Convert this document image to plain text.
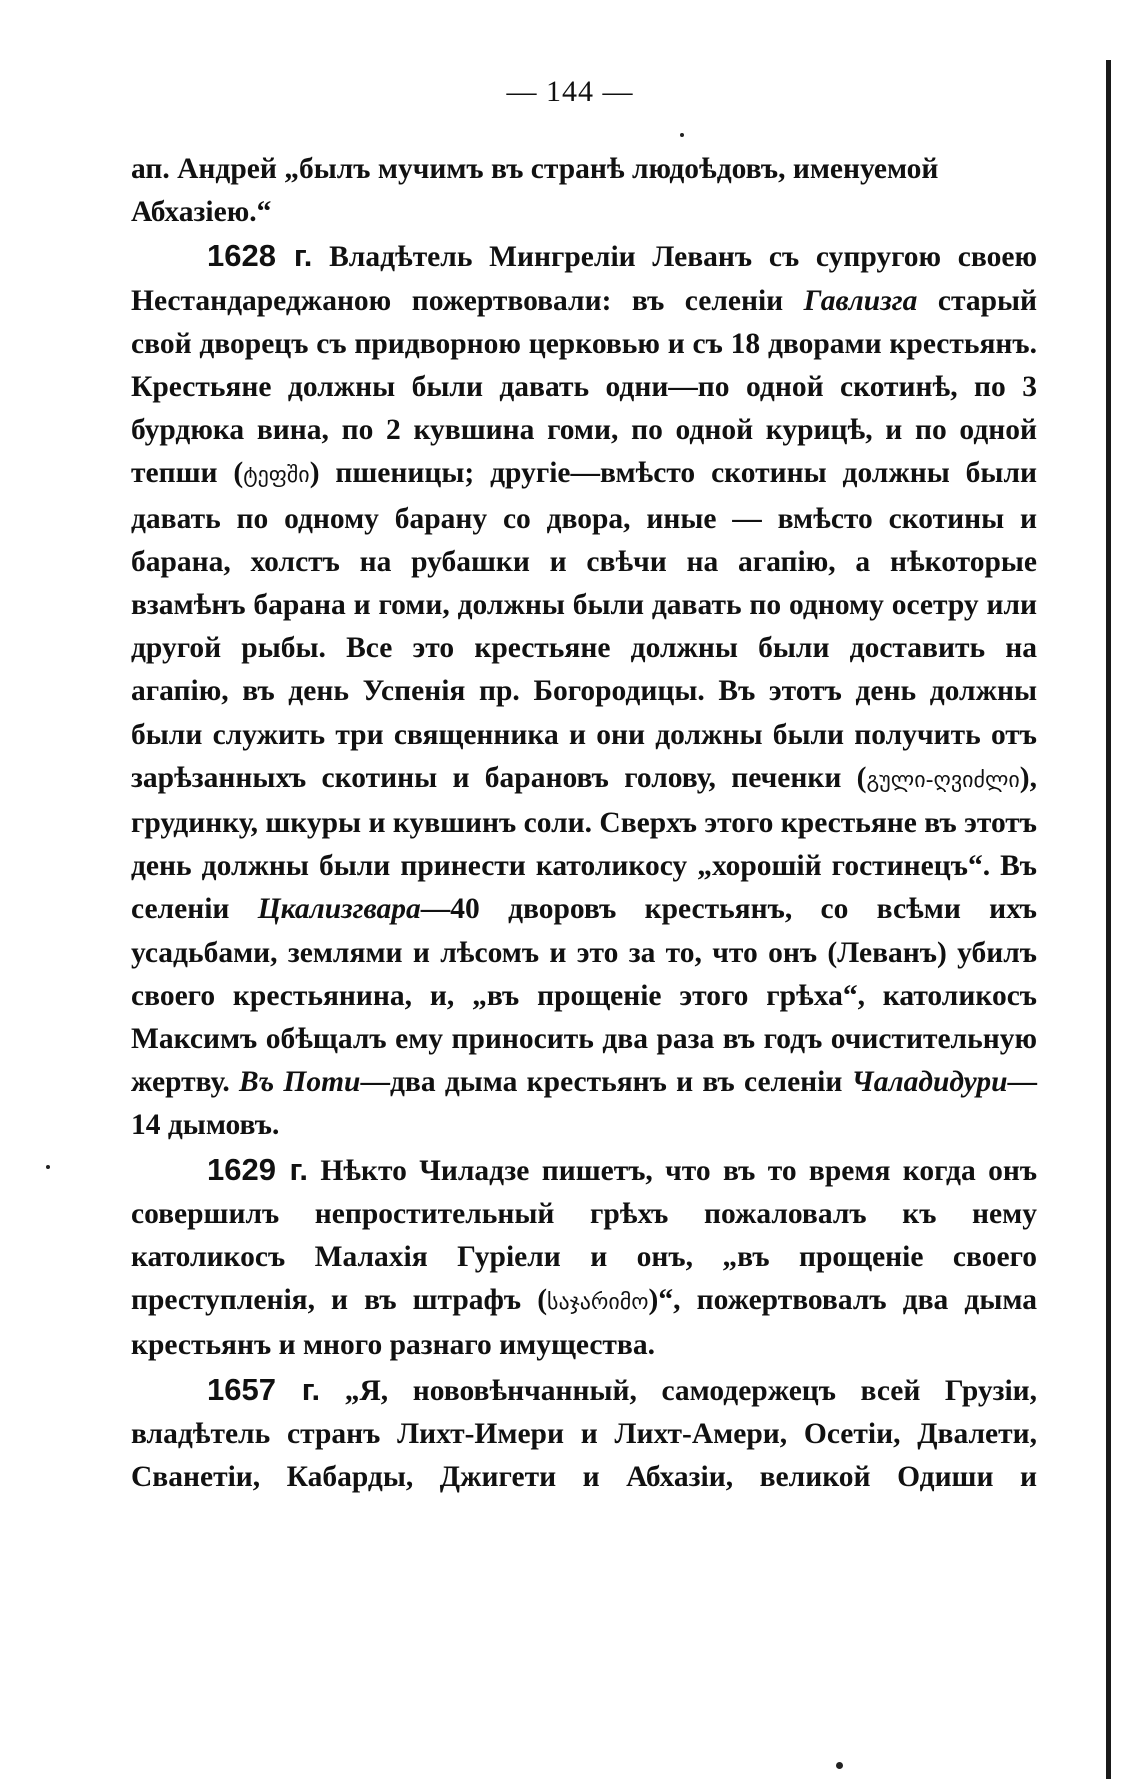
— 144 —

ап. Андрей „былъ мучимъ въ странѣ людоѣдовъ, именуемой
Абхазіею.“

1628 г. Владѣтель Мингреліи Леванъ съ супругою своею Нестандареджаною пожертвовали: въ селеніи Гавлизга старый свой дворецъ съ придворною церковью и съ 18 дворами крестьянъ. Крестьяне должны были давать одни—по одной скотинѣ, по 3 бурдюка вина, по 2 кувшина гоми, по одной курицѣ, и по одной тепши (ტეფში) пшеницы; другіе—вмѣсто скотины должны были давать по одному барану со двора, иные — вмѣсто скотины и барана, холстъ на рубашки и свѣчи на агапію, а нѣкоторые взамѣнъ барана и гоми, должны были давать по одному осетру или другой рыбы. Все это крестьяне должны были доставить на агапію, въ день Успенія пр. Богородицы. Въ этотъ день должны были служить три священника и они должны были получить отъ зарѣзанныхъ скотины и барановъ голову, печенки (გული-ღვიძლი), грудинку, шкуры и кувшинъ соли. Сверхъ этого крестьяне въ этотъ день должны были принести католикосу „хорошій гостинецъ“. Въ селеніи Цкализгвара—40 дворовъ крестьянъ, со всѣми ихъ усадьбами, землями и лѣсомъ и это за то, что онъ (Леванъ) убилъ своего крестьянина, и, „въ прощеніе этого грѣха“, католикосъ Максимъ обѣщалъ ему приносить два раза въ годъ очистительную жертву. Въ Поти—два дыма крестьянъ и въ селеніи Чаладидури—14 дымовъ.

1629 г. Нѣкто Чиладзе пишетъ, что въ то время когда онъ совершилъ непростительный грѣхъ пожаловалъ къ нему католикосъ Малахія Гуріели и онъ, „въ прощеніе своего преступленія, и въ штрафъ (საჯარიმო)“, пожертвовалъ два дыма крестьянъ и много разнаго имущества.

1657 г. „Я, нововѣнчанный, самодержецъ всей Грузіи, владѣтель странъ Лихт-Имери и Лихт-Амери, Осетіи, Двалети, Сванетіи, Кабарды, Джигети и Абхазіи, великой Одиши и
